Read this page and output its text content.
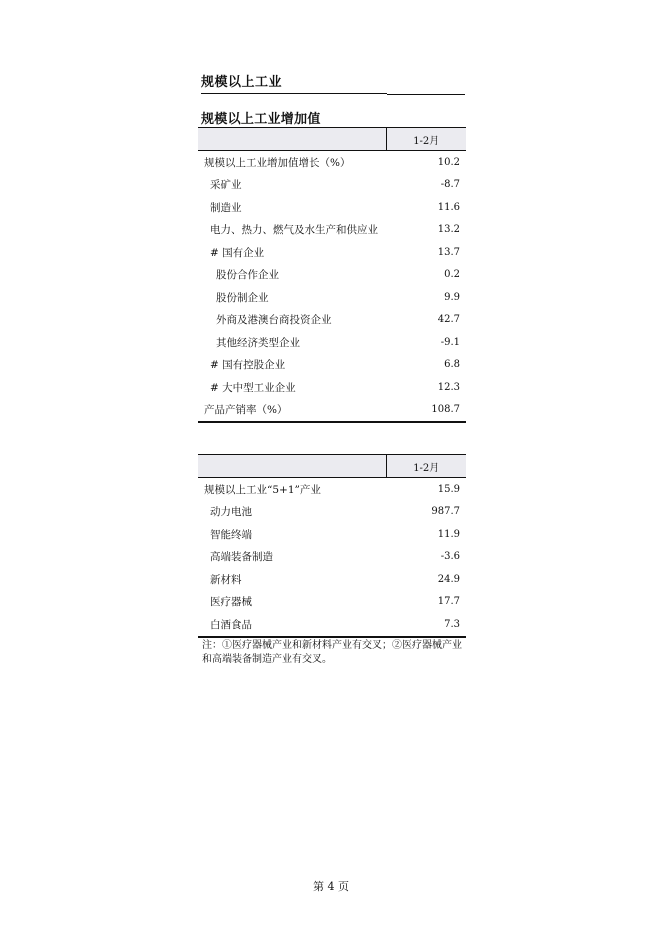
规模以上工业
规模以上工业增加值
	1-2月
规模以上工业增加值增长（%）	10.2
采矿业	-8.7
制造业	11.6
电力、热力、燃气及水生产和供应业	13.2
# 国有企业	13.7
股份合作企业	0.2
股份制企业	9.9
外商及港澳台商投资企业	42.7
其他经济类型企业	-9.1
# 国有控股企业	6.8
# 大中型工业企业	12.3
产品产销率（%）	108.7
	1-2月
规模以上工业“5+1”产业	15.9
动力电池	987.7
智能终端	11.9
高端装备制造	-3.6
新材料	24.9
医疗器械	17.7
白酒食品	7.3
注：①医疗器械产业和新材料产业有交叉；②医疗器械产业和高端装备制造产业有交叉。
第 4 页
